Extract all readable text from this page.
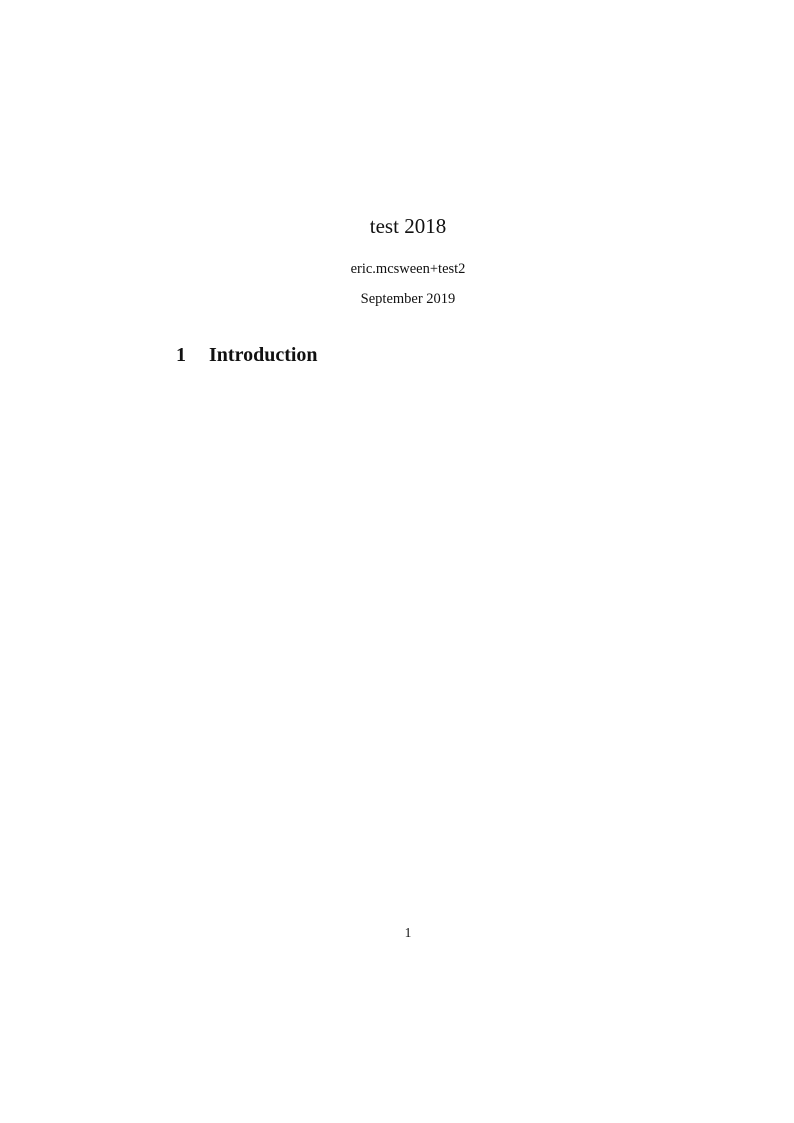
test 2018
eric.mcsween+test2
September 2019
1 Introduction
1
